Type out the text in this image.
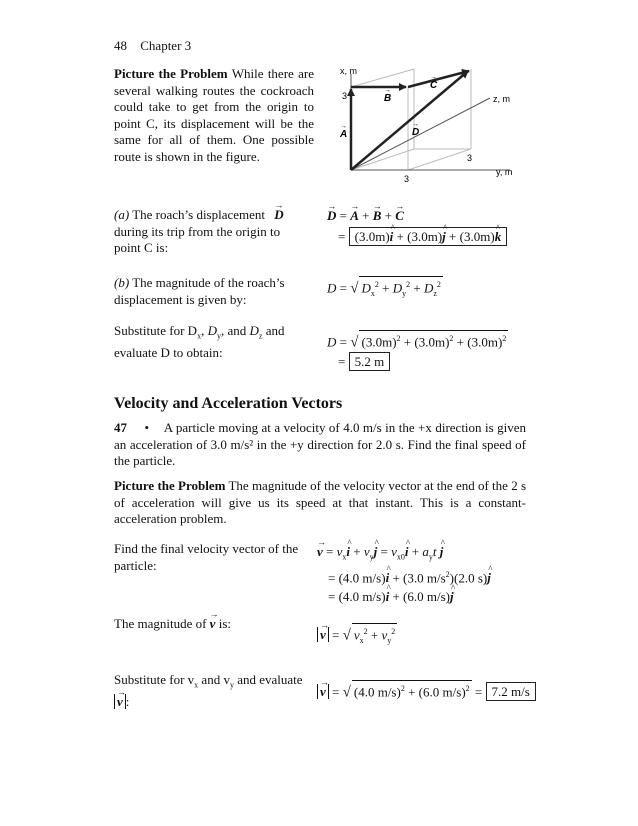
48 Chapter 3
Picture the Problem While there are several walking routes the cockroach could take to get from the origin to point C, its displacement will be the same for all of them. One possible route is shown in the figure.
x, m
y, m
z, m
3
3
3
A
B
C
D
→
→
→
→
(a) The roach’s displacement → D during its trip from the origin to point C is:
→ D = → A + → B + → C
= (3.0m)^ i + (3.0m)^ j + (3.0m)^ k
(b) The magnitude of the roach’s displacement is given by:
D = √ $D_x^2 + D_y^2 + D_z^2$
Substitute for $D_x$, $D_y$, and $D_z$ and evaluate D to obtain:
D = √ $(3.0m)^2 + (3.0m)^2 + (3.0m)^2$
= 5.2 m
Velocity and Acceleration Vectors
47 • A particle moving at a velocity of 4.0 m/s in the +x direction is given an acceleration of 3.0 m/s² in the +y direction for 2.0 s. Find the final speed of the particle.
Picture the Problem The magnitude of the velocity vector at the end of the 2 s of acceleration will give us its speed at that instant. This is a constant-acceleration problem.
Find the final velocity vector of the particle:
→ $v = v_x\^{}$ $i + v_y\^{}$ $j = v_{x0}\^{}$ $i + a_yt$ ^ j
= (4.0 m/s)^ i + (3.0 $m/s^2)(2.0$ s)^ j
= (4.0 m/s)^ i + (6.0 m/s)^ j
The magnitude of → v is:
→ v = √ $v_x^2 + v_y^2$
Substitute for $v_x$ and $v_y$ and evaluate
→ v :
→ v = √ (4.0 m/s)$^2$ + (6.0 m/s)$^2$ = 7.2 m/s
